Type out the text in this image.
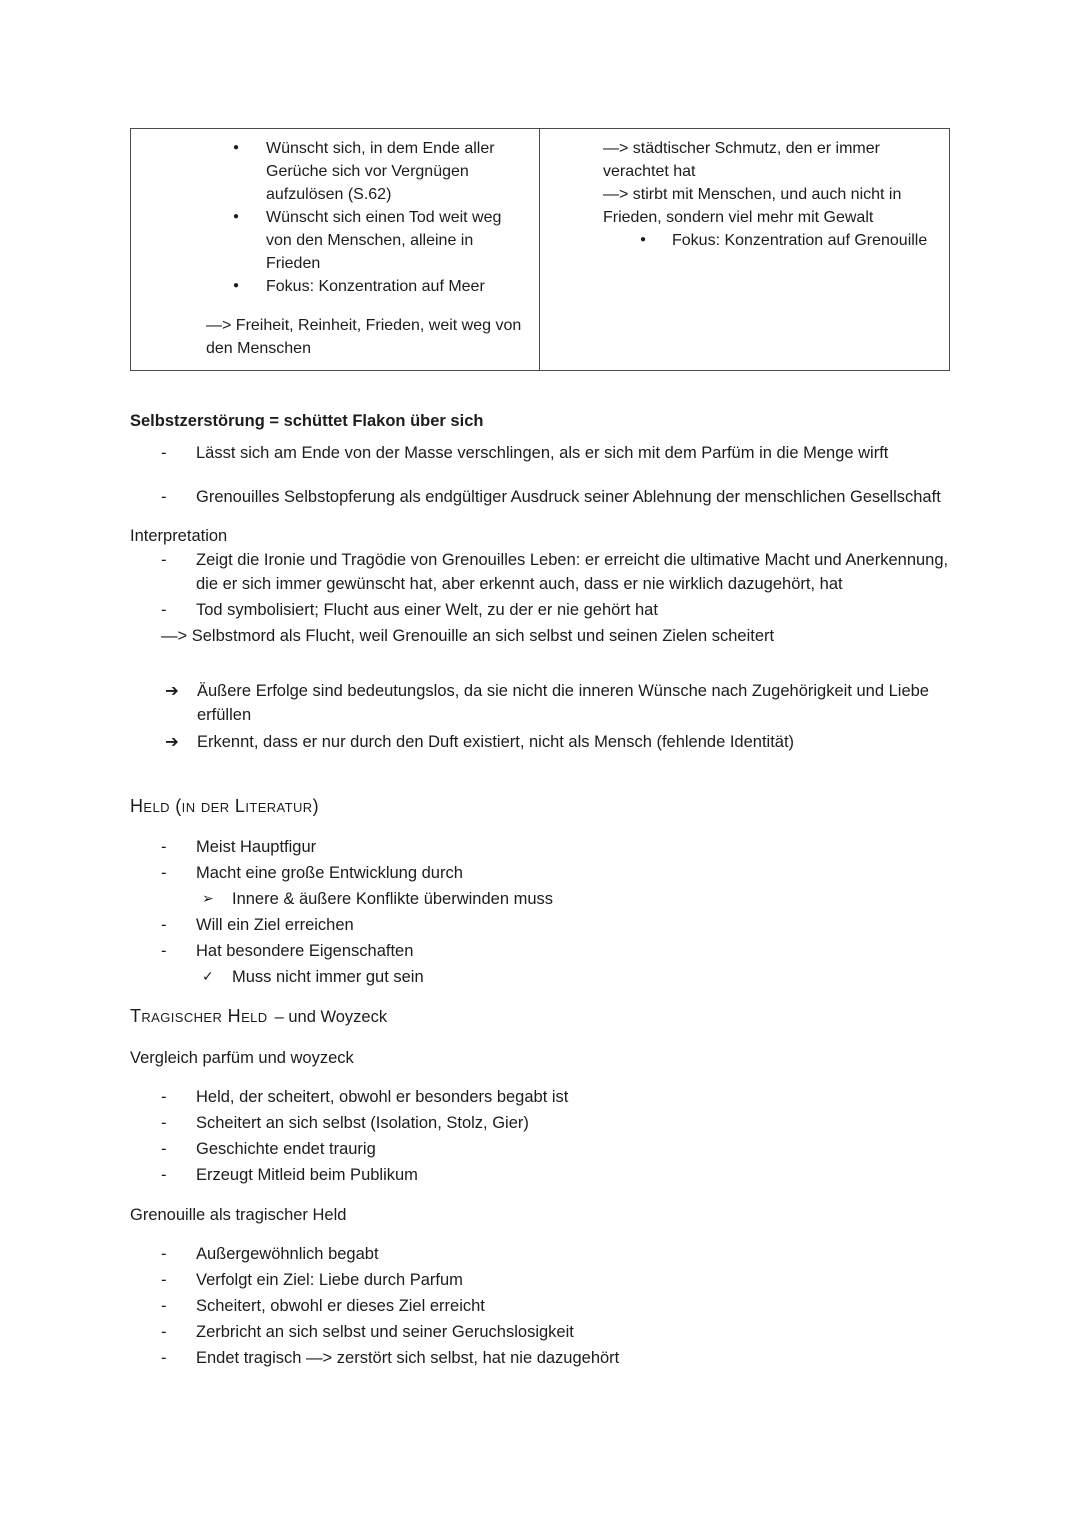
● Wünscht sich, in dem Ende aller Gerüche sich vor Vergnügen aufzulösen (S.62)
● Wünscht sich einen Tod weit weg von den Menschen, alleine in Frieden
● Fokus: Konzentration auf Meer

—> Freiheit, Reinheit, Frieden, weit weg von den Menschen

—> städtischer Schmutz, den er immer verachtet hat

—> stirbt mit Menschen, und auch nicht in Frieden, sondern viel mehr mit Gewalt

● Fokus: Konzentration auf Grenouille
Selbstzerstörung = schüttet Flakon über sich
- Lässt sich am Ende von der Masse verschlingen, als er sich mit dem Parfüm in die Menge wirft
- Grenouilles Selbstopferung als endgültiger Ausdruck seiner Ablehnung der menschlichen Gesellschaft

Interpretation

- Zeigt die Ironie und Tragödie von Grenouilles Leben: er erreicht die ultimative Macht und Anerkennung, die er sich immer gewünscht hat, aber erkennt auch, dass er nie wirklich dazugehört, hat
- Tod symbolisiert; Flucht aus einer Welt, zu der er nie gehört hat

—> Selbstmord als Flucht, weil Grenouille an sich selbst und seinen Zielen scheitert

➔ Äußere Erfolge sind bedeutungslos, da sie nicht die inneren Wünsche nach Zugehörigkeit und Liebe erfüllen
➔ Erkennt, dass er nur durch den Duft existiert, nicht als Mensch (fehlende Identität)
Held (in der Literatur)
- Meist Hauptfigur
- Macht eine große Entwicklung durch
➢ Innere & äußere Konflikte überwinden muss
- Will ein Ziel erreichen
- Hat besondere Eigenschaften
✓ Muss nicht immer gut sein

Tragischer Held – und Woyzeck

Vergleich parfüm und woyzeck

- Held, der scheitert, obwohl er besonders begabt ist
- Scheitert an sich selbst (Isolation, Stolz, Gier)
- Geschichte endet traurig
- Erzeugt Mitleid beim Publikum

Grenouille als tragischer Held

- Außergewöhnlich begabt
- Verfolgt ein Ziel: Liebe durch Parfum
- Scheitert, obwohl er dieses Ziel erreicht
- Zerbricht an sich selbst und seiner Geruchslosigkeit
- Endet tragisch —> zerstört sich selbst, hat nie dazugehört
